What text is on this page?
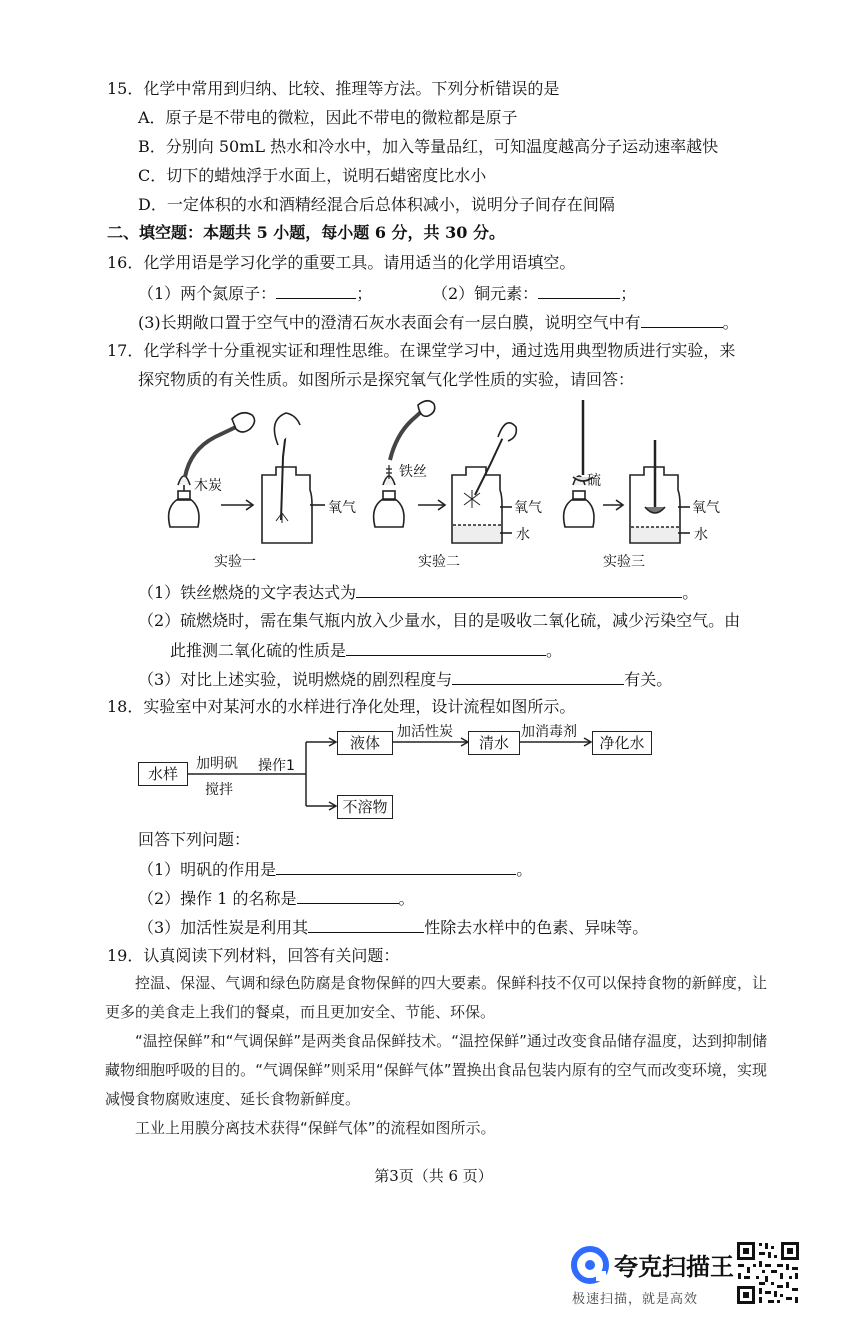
15．化学中常用到归纳、比较、推理等方法。下列分析错误的是
A．原子是不带电的微粒，因此不带电的微粒都是原子
B．分别向 50mL 热水和冷水中，加入等量品红，可知温度越高分子运动速率越快
C．切下的蜡烛浮于水面上，说明石蜡密度比水小
D．一定体积的水和酒精经混合后总体积减小，说明分子间存在间隔
二、填空题：本题共 5 小题，每小题 6 分，共 30 分。
16．化学用语是学习化学的重要工具。请用适当的化学用语填空。
（1）两个氮原子：	；	（2）铜元素：	；
(3)长期敞口置于空气中的澄清石灰水表面会有一层白膜，说明空气中有	。
17．化学科学十分重视实证和理性思维。在课堂学习中，通过选用典型物质进行实验，来
探究物质的有关性质。如图所示是探究氧气化学性质的实验，请回答：
木炭
氧气
铁丝
氧气
水
硫
氧气
水
实验一	实验二	实验三
（1）铁丝燃烧的文字表达式为	。
（2）硫燃烧时，需在集气瓶内放入少量水，目的是吸收二氧化硫，减少污染空气。由
此推测二氧化硫的性质是	。
（3）对比上述实验，说明燃烧的剧烈程度与	有关。
18．实验室中对某河水的水样进行净化处理，设计流程如图所示。
水样
加明矾
搅拌
操作1
液体
加活性炭
清水
加消毒剂
净化水
不溶物
回答下列问题：
（1）明矾的作用是	。
（2）操作 1 的名称是	。
（3）加活性炭是利用其	性除去水样中的色素、异味等。
19．认真阅读下列材料，回答有关问题：

控温、保湿、气调和绿色防腐是食物保鲜的四大要素。保鲜科技不仅可以保持食物的新鲜度，让更多的美食走上我们的餐桌，而且更加安全、节能、环保。

“温控保鲜”和“气调保鲜”是两类食品保鲜技术。“温控保鲜”通过改变食品储存温度，达到抑制储藏物细胞呼吸的目的。“气调保鲜”则采用“保鲜气体”置换出食品包装内原有的空气而改变环境，实现减慢食物腐败速度、延长食物新鲜度。

工业上用膜分离技术获得“保鲜气体”的流程如图所示。

第3页（共 6 页）
夸克扫描王
极速扫描，就是高效
